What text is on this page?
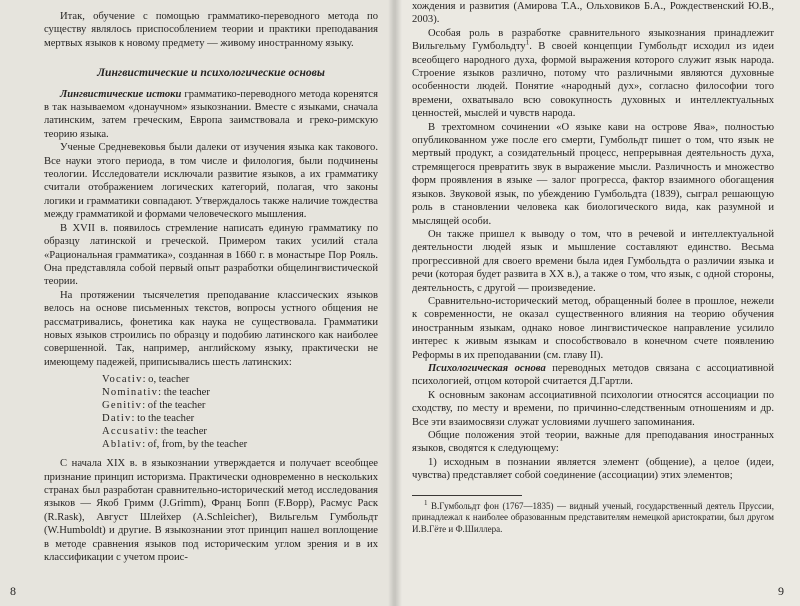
Итак, обучение с помощью грамматико-переводного метода по существу являлось приспособлением теории и практики преподавания мертвых языков к новому предмету — живому иностранному языку.

Лингвистические и психологические основы

Лингвистические истоки грамматико-переводного метода коренятся в так называемом «донаучном» языкознании. Вместе с языками, сначала латинским, затем греческим, Европа заимствовала и греко-римскую теорию языка.

Ученые Средневековья были далеки от изучения языка как такового. Все науки этого периода, в том числе и филология, были подчинены теологии. Исследователи исключали развитие языков, а их грамматику считали отображением логических категорий, полагая, что законы логики и грамматики совпадают. Утверждалось также наличие тождества между грамматикой и формами человеческого мышления.

В XVII в. появилось стремление написать единую грамматику по образцу латинской и греческой. Примером таких усилий стала «Рациональная грамматика», созданная в 1660 г. в монастыре Пор Рояль. Она представляла собой первый опыт разработки общелингвистической теории.

На протяжении тысячелетия преподавание классических языков велось на основе письменных текстов, вопросы устного общения не рассматривались, фонетика как наука не существовала. Грамматики новых языков строились по образцу и подобию латинского как наиболее совершенной. Так, например, английскому языку, практически не имеющему падежей, приписывались шесть латинских:

Vocativ: o, teacher
Nominativ: the teacher
Genitiv: of the teacher
Dativ: to the teacher
Accusativ: the teacher
Ablativ: of, from, by the teacher

С начала XIX в. в языкознании утверждается и получает всеобщее признание принцип историзма. Практически одновременно в нескольких странах был разработан сравнительно-исторический метод исследования языков — Якоб Гримм (J.Grimm), Франц Бопп (F.Bopp), Расмус Раск (R.Rask), Август Шлейхер (A.Schleicher), Вильгельм Гумбольдт (W.Humboldt) и другие. В языкознании этот принцип нашел воплощение в методе сравнения языков под историческим углом зрения и в их классификации с учетом проис-

8

хождения и развития (Амирова Т.А., Ольховиков Б.А., Рождественский Ю.В., 2003).

Особая роль в разработке сравнительного языкознания принадлежит Вильгельму Гумбольдту$^1$. В своей концепции Гумбольдт исходил из идеи всеобщего народного духа, формой выражения которого служит язык народа. Строение языков различно, потому что различными являются духовные особенности людей. Понятие «народный дух», согласно философии того времени, охватывало всю совокупность духовных и интеллектуальных ценностей, мыслей и чувств народа.

В трехтомном сочинении «О языке кави на острове Ява», полностью опубликованном уже после его смерти, Гумбольдт пишет о том, что язык не мертвый продукт, а созидательный процесс, непрерывная деятельность духа, стремящегося превратить звук в выражение мысли. Различность и множество форм проявления в языке — залог прогресса, фактор взаимного обогащения языков. Звуковой язык, по убеждению Гумбольдта (1839), сыграл решающую роль в становлении человека как биологического вида, как разумной и мыслящей особи.

Он также пришел к выводу о том, что в речевой и интеллектуальной деятельности людей язык и мышление составляют единство. Весьма прогрессивной для своего времени была идея Гумбольдта о различии языка и речи (которая будет развита в XX в.), а также о том, что язык, с одной стороны, деятельность, с другой — произведение.

Сравнительно-исторический метод, обращенный более в прошлое, нежели к современности, не оказал существенного влияния на теорию обучения иностранным языкам, однако новое лингвистическое направление усилило интерес к живым языкам и способствовало в конечном счете появлению Реформы в их преподавании (см. главу II).

Психологическая основа переводных методов связана с ассоциативной психологией, отцом которой считается Д.Гартли.

К основным законам ассоциативной психологии относятся ассоциации по сходству, по месту и времени, по причинно-следственным отношениям и др. Все эти взаимосвязи служат условиями лучшего запоминания.

Общие положения этой теории, важные для преподавания иностранных языков, сводятся к следующему:

1) исходным в познании является элемент (общение), а целое (идеи, чувства) представляет собой соединение (ассоциации) этих элементов;

$^1$ В.Гумбольдт фон (1767—1835) — видный ученый, государственный деятель Пруссии, принадлежал к наиболее образованным представителям немецкой аристократии, был другом И.В.Гёте и Ф.Шиллера.

9
